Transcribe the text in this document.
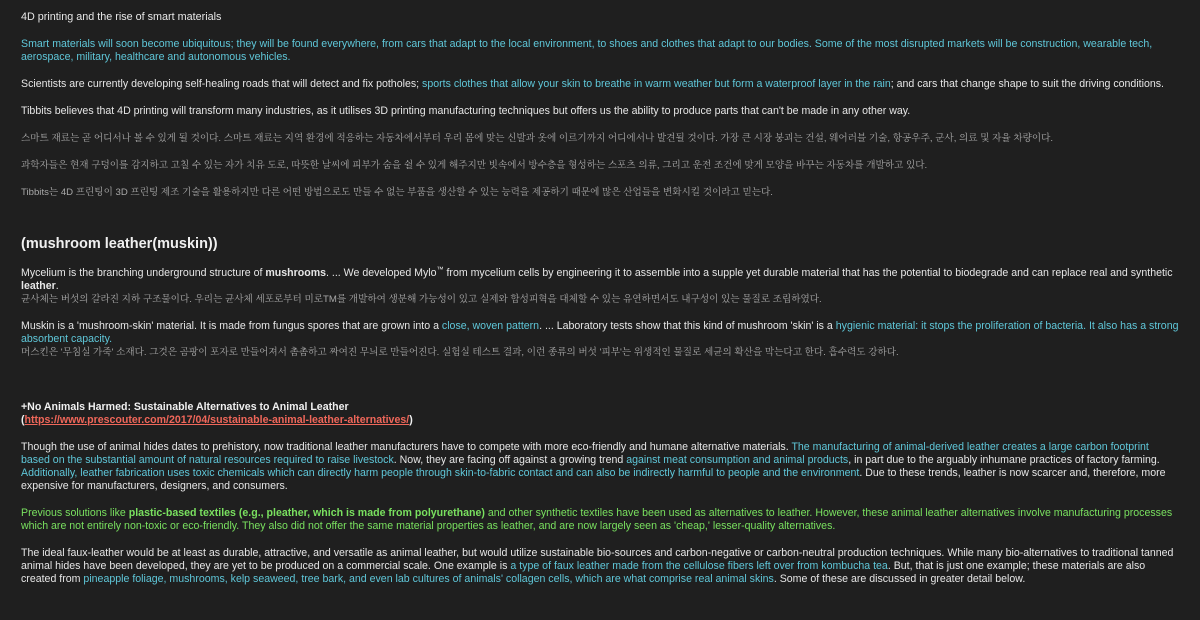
4D printing and the rise of smart materials

Smart materials will soon become ubiquitous; they will be found everywhere, from cars that adapt to the local environment, to shoes and clothes that adapt to our bodies. Some of the most disrupted markets will be construction, wearable tech, aerospace, military, healthcare and autonomous vehicles.

Scientists are currently developing self-healing roads that will detect and fix potholes; sports clothes that allow your skin to breathe in warm weather but form a waterproof layer in the rain; and cars that change shape to suit the driving conditions.

Tibbits believes that 4D printing will transform many industries, as it utilises 3D printing manufacturing techniques but offers us the ability to produce parts that can't be made in any other way.

스마트 재료는 곧 어디서나 볼 수 있게 될 것이다. 스마트 재료는 지역 환경에 적응하는 자동차에서부터 우리 몸에 맞는 신발과 옷에 이르기까지 어디에서나 발견될 것이다. 가장 큰 시장 붕괴는 건설, 웨어러블 기술, 항공우주, 군사, 의료 및 자율 차량이다.

과학자들은 현재 구덩이를 감지하고 고칠 수 있는 자가 치유 도로, 따뜻한 날씨에 피부가 숨을 쉴 수 있게 해주지만 빗속에서 방수층을 형성하는 스포츠 의류, 그리고 운전 조건에 맞게 모양을 바꾸는 자동차를 개발하고 있다.

Tibbits는 4D 프린팅이 3D 프린팅 제조 기술을 활용하지만 다른 어떤 방법으로도 만들 수 없는 부품을 생산할 수 있는 능력을 제공하기 때문에 많은 산업들을 변화시킬 것이라고 믿는다.

(mushroom leather(muskin))

Mycelium is the branching underground structure of mushrooms. ... We developed Mylo™ from mycelium cells by engineering it to assemble into a supple yet durable material that has the potential to biodegrade and can replace real and synthetic leather.
균사체는 버섯의 갈라진 지하 구조물이다. 우리는 균사체 세포로부터 미로TM를 개발하여 생분해 가능성이 있고 실제와 합성피혁을 대체할 수 있는 유연하면서도 내구성이 있는 물질로 조립하였다.

Muskin is a 'mushroom-skin' material. It is made from fungus spores that are grown into a close, woven pattern. ... Laboratory tests show that this kind of mushroom 'skin' is a hygienic material: it stops the proliferation of bacteria. It also has a strong absorbent capacity.
머스킨은 '무침실 가죽' 소재다. 그것은 곰팡이 포자로 만들어져서 촘촘하고 짜여진 무늬로 만들어진다. 실험실 테스트 결과, 이런 종류의 버섯 '피부'는 위생적인 물질로 세균의 확산을 막는다고 한다. 흡수력도 강하다.

+No Animals Harmed: Sustainable Alternatives to Animal Leather
(https://www.prescouter.com/2017/04/sustainable-animal-leather-alternatives/)

Though the use of animal hides dates to prehistory, now traditional leather manufacturers have to compete with more eco-friendly and humane alternative materials. The manufacturing of animal-derived leather creates a large carbon footprint based on the substantial amount of natural resources required to raise livestock. Now, they are facing off against a growing trend against meat consumption and animal products, in part due to the arguably inhumane practices of factory farming. Additionally, leather fabrication uses toxic chemicals which can directly harm people through skin-to-fabric contact and can also be indirectly harmful to people and the environment. Due to these trends, leather is now scarcer and, therefore, more expensive for manufacturers, designers, and consumers.

Previous solutions like plastic-based textiles (e.g., pleather, which is made from polyurethane) and other synthetic textiles have been used as alternatives to leather. However, these animal leather alternatives involve manufacturing processes which are not entirely non-toxic or eco-friendly. They also did not offer the same material properties as leather, and are now largely seen as 'cheap,' lesser-quality alternatives.

The ideal faux-leather would be at least as durable, attractive, and versatile as animal leather, but would utilize sustainable bio-sources and carbon-negative or carbon-neutral production techniques. While many bio-alternatives to traditional tanned animal hides have been developed, they are yet to be produced on a commercial scale. One example is a type of faux leather made from the cellulose fibers left over from kombucha tea. But, that is just one example; these materials are also created from pineapple foliage, mushrooms, kelp seaweed, tree bark, and even lab cultures of animals' collagen cells, which are what comprise real animal skins. Some of these are discussed in greater detail below.
